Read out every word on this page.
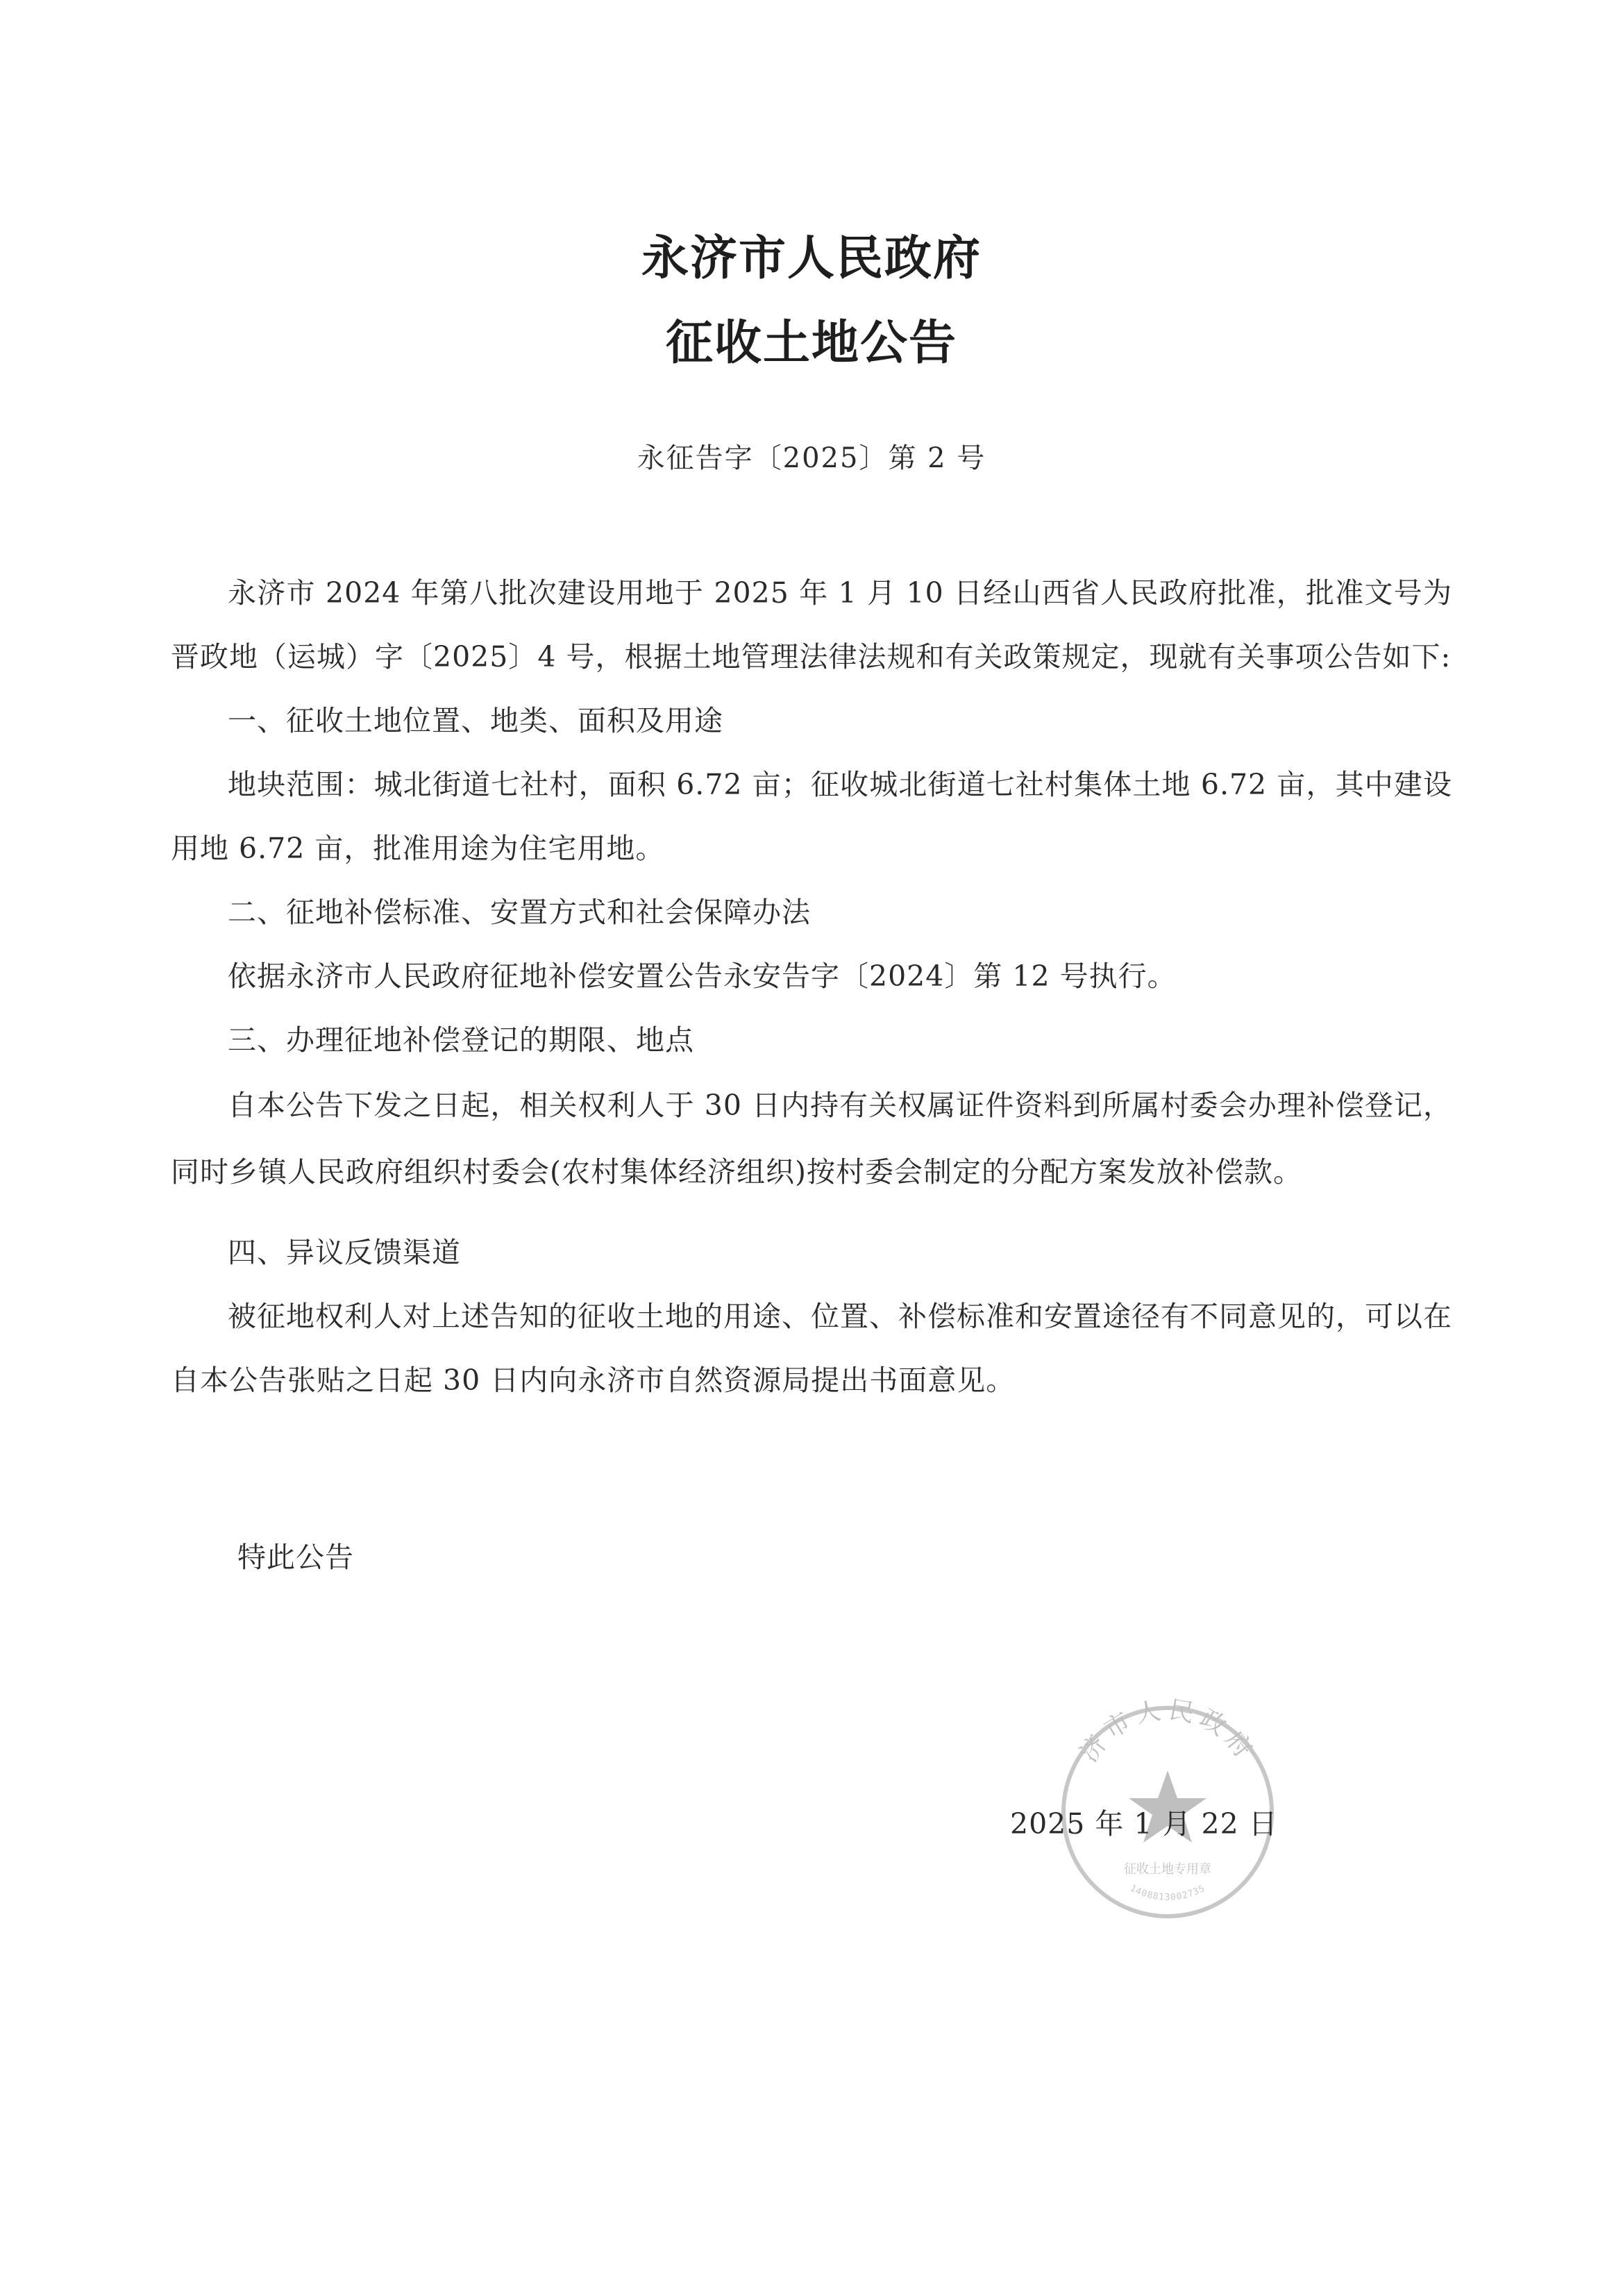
永济市人民政府
征收土地公告
永征告字〔2025〕第 2 号

永济市 2024 年第八批次建设用地于 2025 年 1 月 10 日经山西省人民政府批准，批准文号为晋政地（运城）字〔2025〕4 号，根据土地管理法律法规和有关政策规定，现就有关事项公告如下:

一、征收土地位置、地类、面积及用途

地块范围：城北街道七社村，面积 6.72 亩；征收城北街道七社村集体土地 6.72 亩，其中建设用地 6.72 亩，批准用途为住宅用地。

二、征地补偿标准、安置方式和社会保障办法

依据永济市人民政府征地补偿安置公告永安告字〔2024〕第 12 号执行。

三、办理征地补偿登记的期限、地点

自本公告下发之日起，相关权利人于 30 日内持有关权属证件资料到所属村委会办理补偿登记，同时乡镇人民政府组织村委会(农村集体经济组织)按村委会制定的分配方案发放补偿款。

四、异议反馈渠道

被征地权利人对上述告知的征收土地的用途、位置、补偿标准和安置途径有不同意见的，可以在自本公告张贴之日起 30 日内向永济市自然资源局提出书面意见。

特此公告
济市人民政府
征收土地专用章
1408813002735
2025 年 1 月 22 日
